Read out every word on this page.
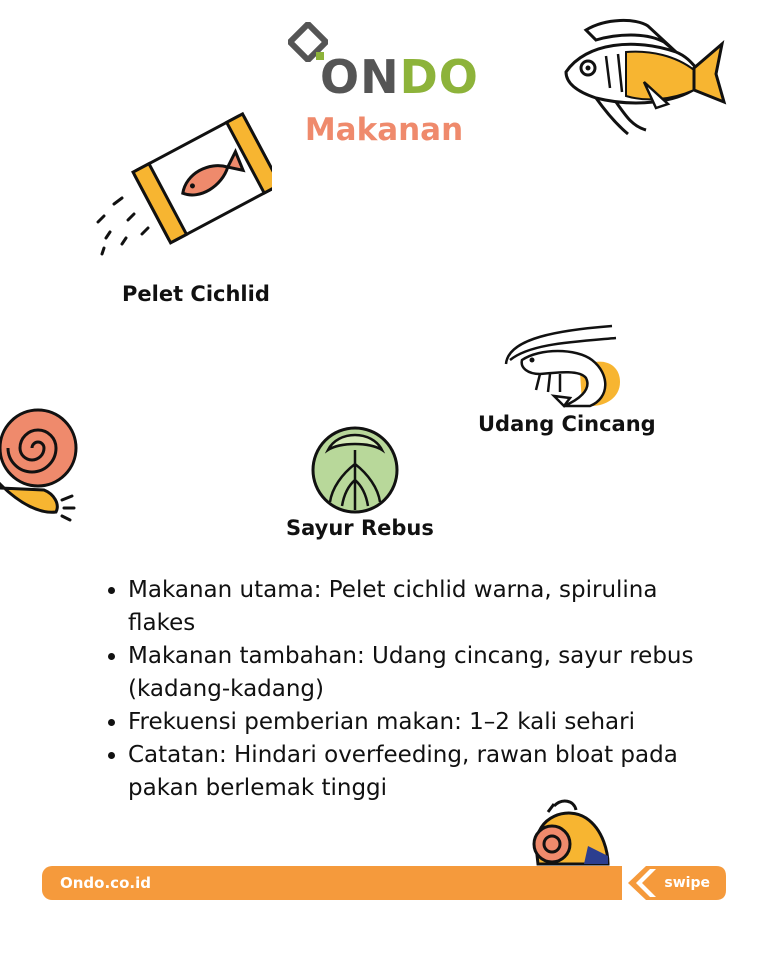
ONDO
Makanan
Pelet Cichlid
Udang Cincang
Sayur Rebus
• Makanan utama: Pelet cichlid warna, spirulina flakes
• Makanan tambahan: Udang cincang, sayur rebus (kadang-kadang)
• Frekuensi pemberian makan: 1–2 kali sehari
• Catatan: Hindari overfeeding, rawan bloat pada pakan berlemak tinggi
Ondo.co.id	swipe
